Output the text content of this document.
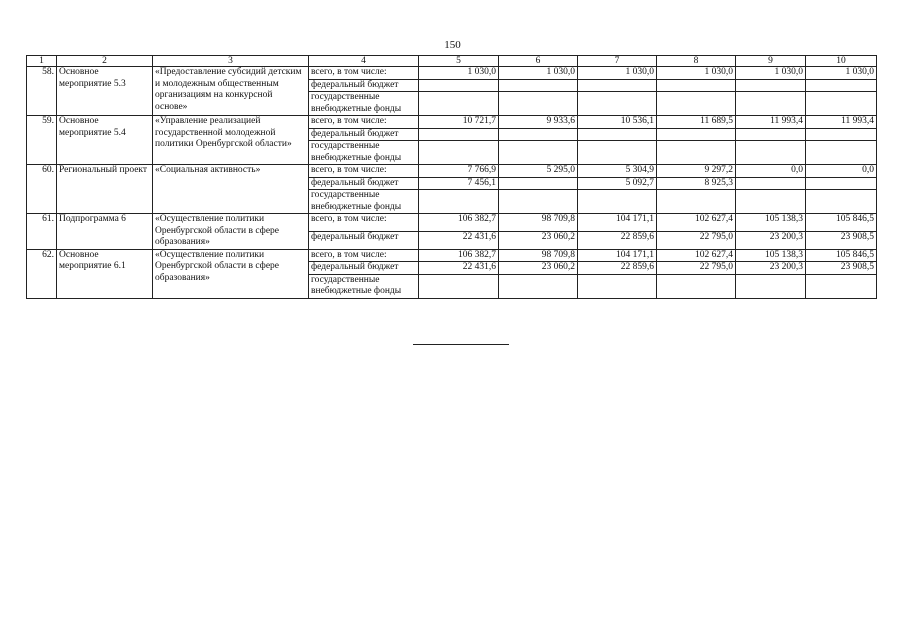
150
1	2	3	4	5	6	7	8	9	10
58.	Основное мероприятие 5.3	«Предоставление субсидий детским и молодежным общественным организациям на конкурсной основе»	всего, в том числе:	1 030,0	1 030,0	1 030,0	1 030,0	1 030,0	1 030,0
			федеральный бюджет						
			государственные внебюджетные фонды						
59.	Основное мероприятие 5.4	«Управление реализацией государственной молодежной политики Оренбургской области»	всего, в том числе:	10 721,7	9 933,6	10 536,1	11 689,5	11 993,4	11 993,4
			федеральный бюджет						
			государственные внебюджетные фонды						
60.	Региональный проект	«Социальная активность»	всего, в том числе:	7 766,9	5 295,0	5 304,9	9 297,2	0,0	0,0
			федеральный бюджет	7 456,1		5 092,7	8 925,3		
			государственные внебюджетные фонды						
61.	Подпрограмма 6	«Осуществление политики Оренбургской области в сфере образования»	всего, в том числе:	106 382,7	98 709,8	104 171,1	102 627,4	105 138,3	105 846,5
			федеральный бюджет	22 431,6	23 060,2	22 859,6	22 795,0	23 200,3	23 908,5
62.	Основное мероприятие 6.1	«Осуществление политики Оренбургской области в сфере образования»	всего, в том числе:	106 382,7	98 709,8	104 171,1	102 627,4	105 138,3	105 846,5
			федеральный бюджет	22 431,6	23 060,2	22 859,6	22 795,0	23 200,3	23 908,5
			государственные внебюджетные фонды						
